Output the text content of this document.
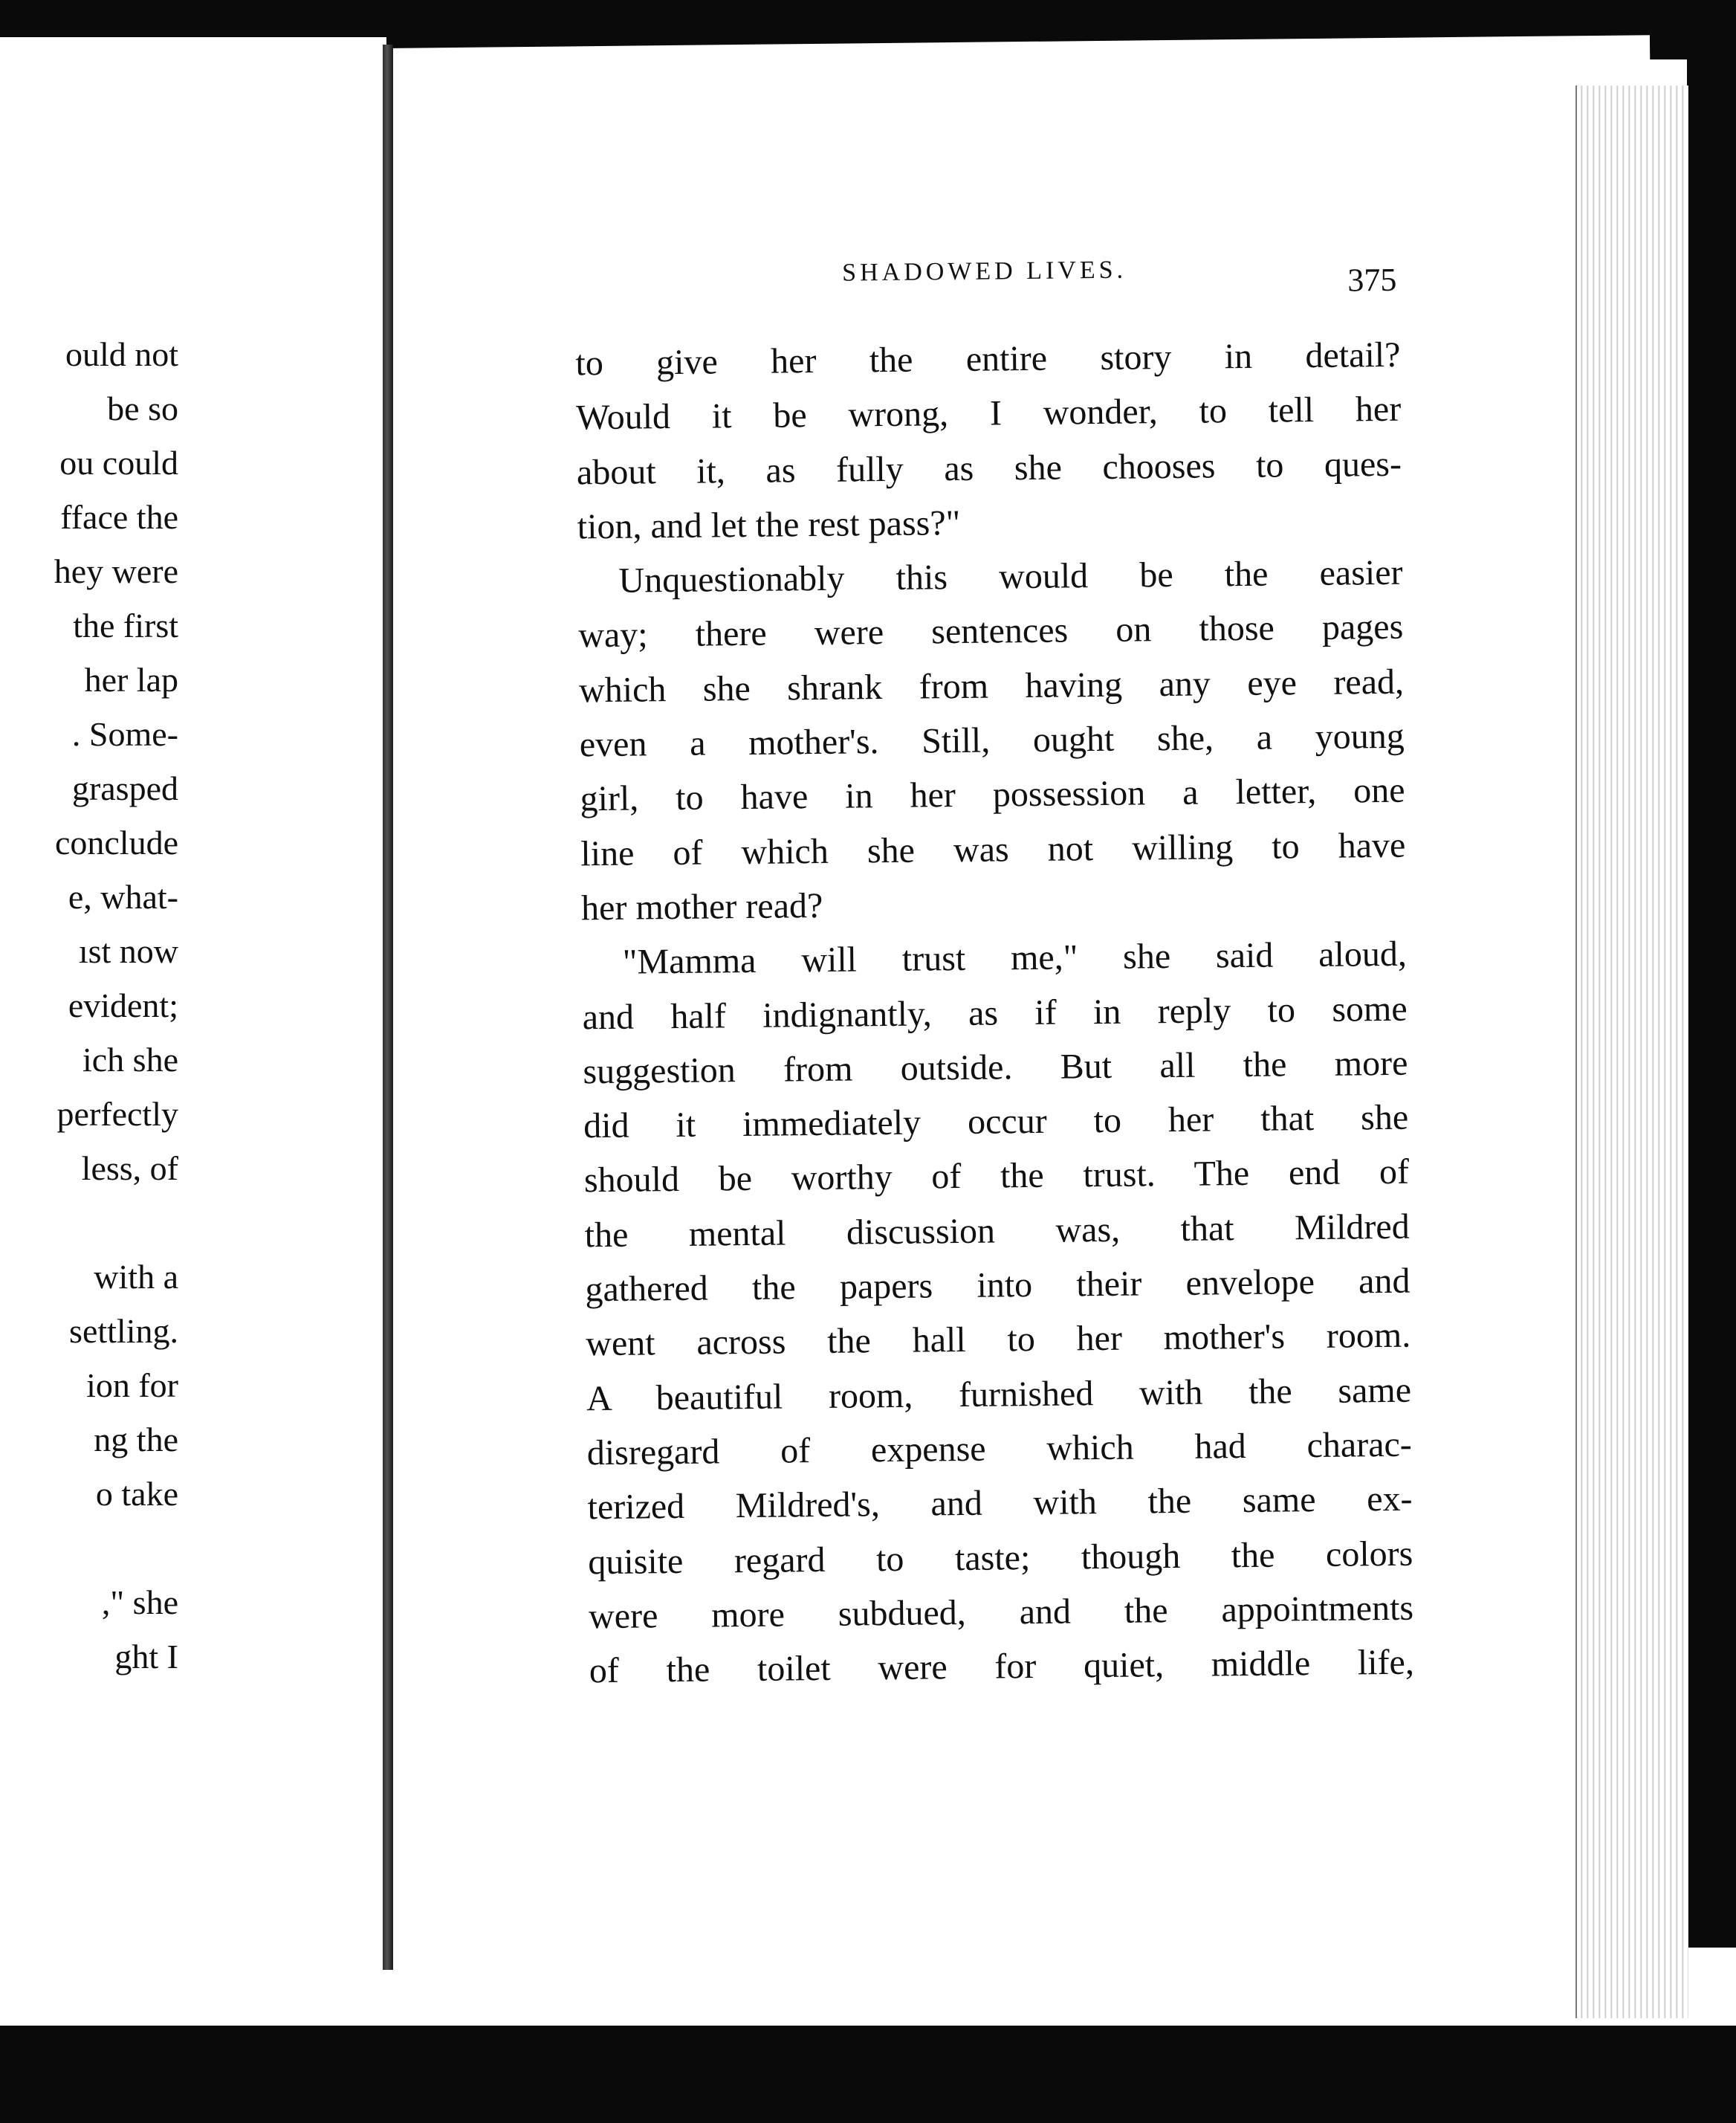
ould not
be so
ou could
fface the
hey were
the first
her lap
. Some-
grasped
conclude
e, what-
ıst now
evident;
ich she
perfectly
less, of
with a
settling.
ion for
ng the
o take
," she
ght I
SHADOWED LIVES.	375
to give her the entire story in detail?
Would it be wrong, I wonder, to tell her
about it, as fully as she chooses to ques-
tion, and let the rest pass?"
Unquestionably this would be the easier
way; there were sentences on those pages
which she shrank from having any eye read,
even a mother's. Still, ought she, a young
girl, to have in her possession a letter, one
line of which she was not willing to have
her mother read?
"Mamma will trust me," she said aloud,
and half indignantly, as if in reply to some
suggestion from outside. But all the more
did it immediately occur to her that she
should be worthy of the trust. The end of
the mental discussion was, that Mildred
gathered the papers into their envelope and
went across the hall to her mother's room.
A beautiful room, furnished with the same
disregard of expense which had charac-
terized Mildred's, and with the same ex-
quisite regard to taste; though the colors
were more subdued, and the appointments
of the toilet were for quiet, middle life,
